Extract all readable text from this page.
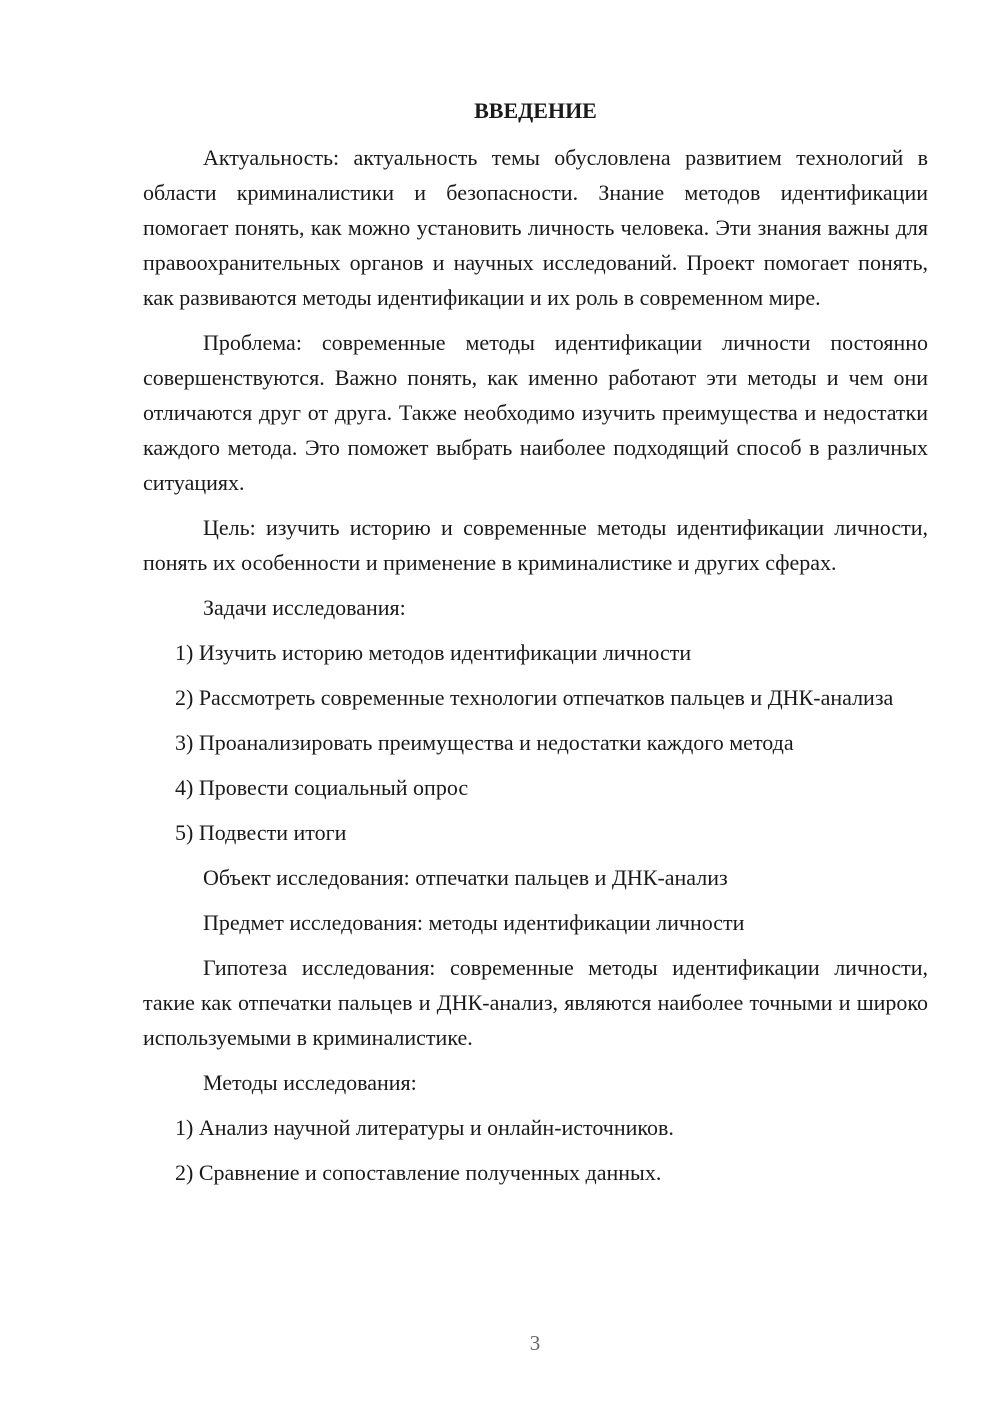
ВВЕДЕНИЕ

Актуальность: актуальность темы обусловлена развитием технологий в области криминалистики и безопасности. Знание методов идентификации помогает понять, как можно установить личность человека. Эти знания важны для правоохранительных органов и научных исследований. Проект помогает понять, как развиваются методы идентификации и их роль в современном мире.

Проблема: современные методы идентификации личности постоянно совершенствуются. Важно понять, как именно работают эти методы и чем они отличаются друг от друга. Также необходимо изучить преимущества и недостатки каждого метода. Это поможет выбрать наиболее подходящий способ в различных ситуациях.

Цель: изучить историю и современные методы идентификации личности, понять их особенности и применение в криминалистике и других сферах.

Задачи исследования:

1) Изучить историю методов идентификации личности

2) Рассмотреть современные технологии отпечатков пальцев и ДНК-анализа

3) Проанализировать преимущества и недостатки каждого метода

4) Провести социальный опрос

5) Подвести итоги

Объект исследования: отпечатки пальцев и ДНК-анализ

Предмет исследования: методы идентификации личности

Гипотеза исследования: современные методы идентификации личности, такие как отпечатки пальцев и ДНК-анализ, являются наиболее точными и широко используемыми в криминалистике.

Методы исследования:

1) Анализ научной литературы и онлайн-источников.

2) Сравнение и сопоставление полученных данных.

3
